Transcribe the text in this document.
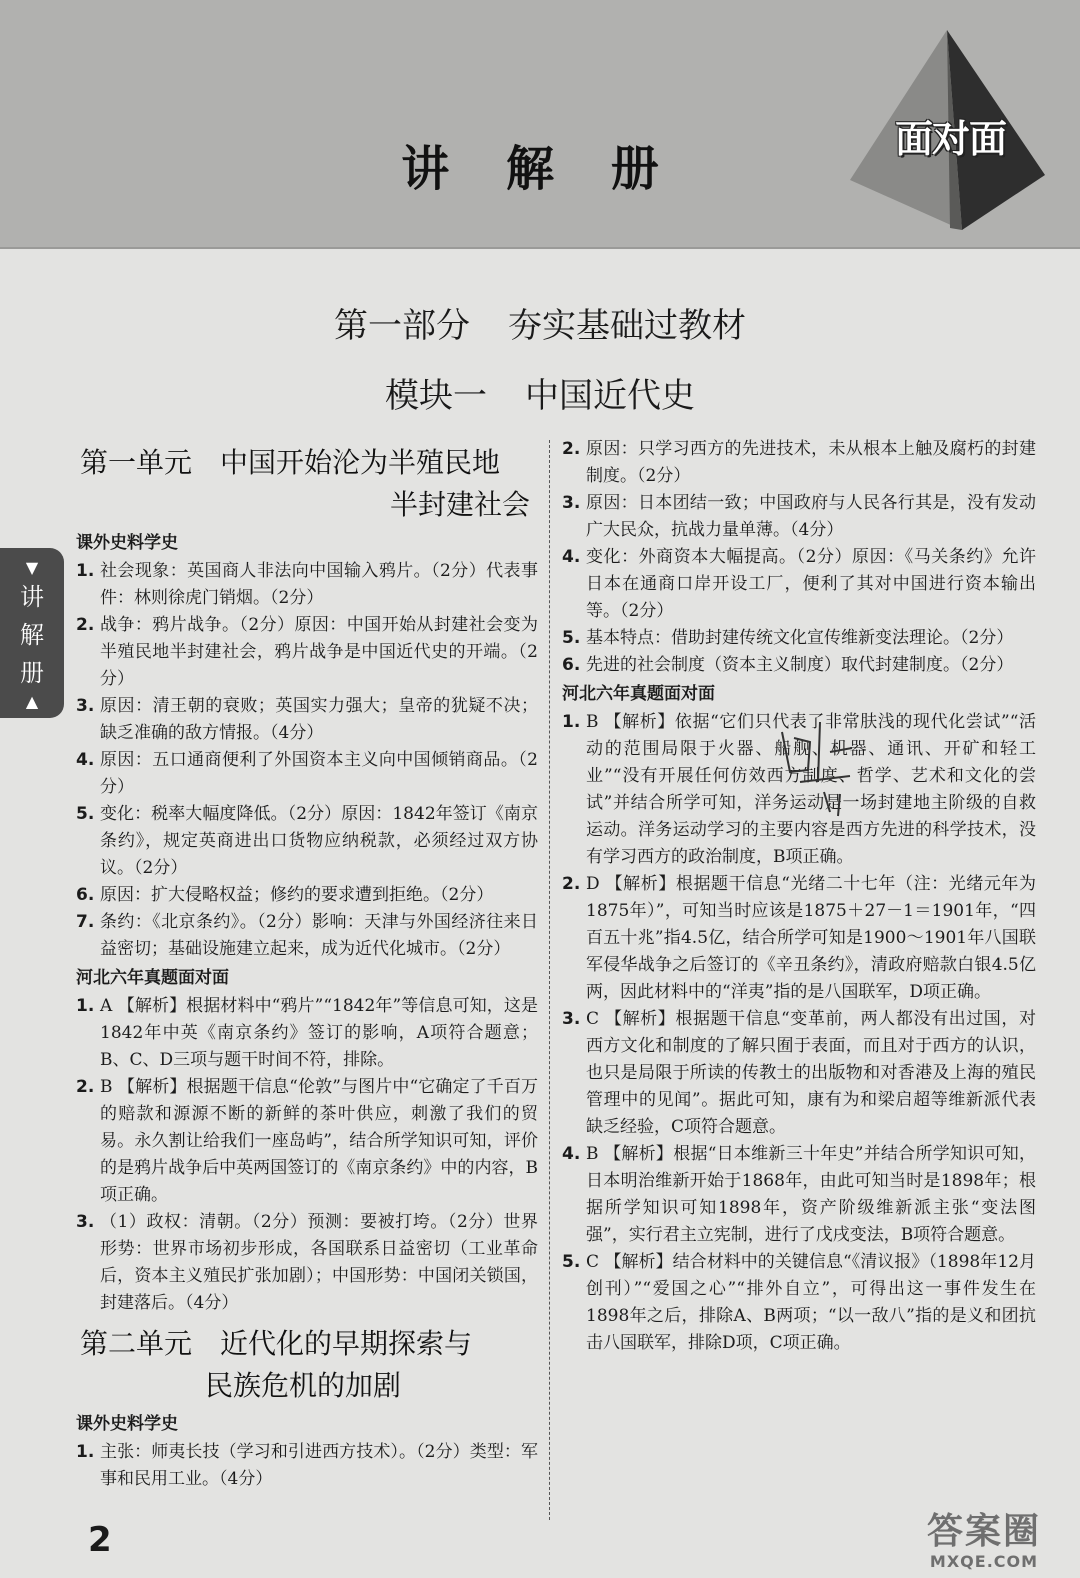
讲 解 册
面对面
第一部分 夯实基础过教材
模块一 中国近代史
▼
讲
解
册
▲
第一单元　中国开始沦为半殖民地
半封建社会
课外史料学史
1. 社会现象：英国商人非法向中国输入鸦片。（2分）代表事件：林则徐虎门销烟。（2分）
2. 战争：鸦片战争。（2分）原因：中国开始从封建社会变为半殖民地半封建社会，鸦片战争是中国近代史的开端。（2分）
3. 原因：清王朝的衰败；英国实力强大；皇帝的犹疑不决；缺乏准确的敌方情报。（4分）
4. 原因：五口通商便利了外国资本主义向中国倾销商品。（2分）
5. 变化：税率大幅度降低。（2分）原因：1842年签订《南京条约》，规定英商进出口货物应纳税款，必须经过双方协议。（2分）
6. 原因：扩大侵略权益；修约的要求遭到拒绝。（2分）
7. 条约：《北京条约》。（2分）影响：天津与外国经济往来日益密切；基础设施建立起来，成为近代化城市。（2分）
河北六年真题面对面
1. A 【解析】根据材料中“鸦片”“1842年”等信息可知，这是1842年中英《南京条约》签订的影响，A项符合题意；B、C、D三项与题干时间不符，排除。
2. B 【解析】根据题干信息“伦敦”与图片中“它确定了千百万的赔款和源源不断的新鲜的茶叶供应，刺激了我们的贸易。永久割让给我们一座岛屿”，结合所学知识可知，评价的是鸦片战争后中英两国签订的《南京条约》中的内容，B项正确。
3. （1）政权：清朝。（2分）预测：要被打垮。（2分）世界形势：世界市场初步形成，各国联系日益密切（工业革命后，资本主义殖民扩张加剧）；中国形势：中国闭关锁国，封建落后。（4分）
第二单元　近代化的早期探索与
民族危机的加剧
课外史料学史
1. 主张：师夷长技（学习和引进西方技术）。（2分）类型：军事和民用工业。（4分）
2. 原因：只学习西方的先进技术，未从根本上触及腐朽的封建制度。（2分）
3. 原因：日本团结一致；中国政府与人民各行其是，没有发动广大民众，抗战力量单薄。（4分）
4. 变化：外商资本大幅提高。（2分）原因：《马关条约》允许日本在通商口岸开设工厂，便利了其对中国进行资本输出等。（2分）
5. 基本特点：借助封建传统文化宣传维新变法理论。（2分）
6. 先进的社会制度（资本主义制度）取代封建制度。（2分）
河北六年真题面对面
1. B 【解析】依据“它们只代表了非常肤浅的现代化尝试”“活动的范围局限于火器、船舰、机器、通讯、开矿和轻工业”“没有开展任何仿效西方制度、哲学、艺术和文化的尝试”并结合所学可知，洋务运动是一场封建地主阶级的自救运动。洋务运动学习的主要内容是西方先进的科学技术，没有学习西方的政治制度，B项正确。
2. D 【解析】根据题干信息“光绪二十七年（注：光绪元年为1875年）”，可知当时应该是1875＋27－1＝1901年，“四百五十兆”指4.5亿，结合所学可知是1900～1901年八国联军侵华战争之后签订的《辛丑条约》，清政府赔款白银4.5亿两，因此材料中的“洋夷”指的是八国联军，D项正确。
3. C 【解析】根据题干信息“变革前，两人都没有出过国，对西方文化和制度的了解只囿于表面，而且对于西方的认识，也只是局限于所读的传教士的出版物和对香港及上海的殖民管理中的见闻”。据此可知，康有为和梁启超等维新派代表缺乏经验，C项符合题意。
4. B 【解析】根据“日本维新三十年史”并结合所学知识可知，日本明治维新开始于1868年，由此可知当时是1898年；根据所学知识可知1898年，资产阶级维新派主张“变法图强”，实行君主立宪制，进行了戊戌变法，B项符合题意。
5. C 【解析】结合材料中的关键信息“《清议报》（1898年12月创刊）”“爱国之心”“排外自立”，可得出这一事件发生在1898年之后，排除A、B两项；“以一敌八”指的是义和团抗击八国联军，排除D项，C项正确。
2	答案圈
MXQE.COM
